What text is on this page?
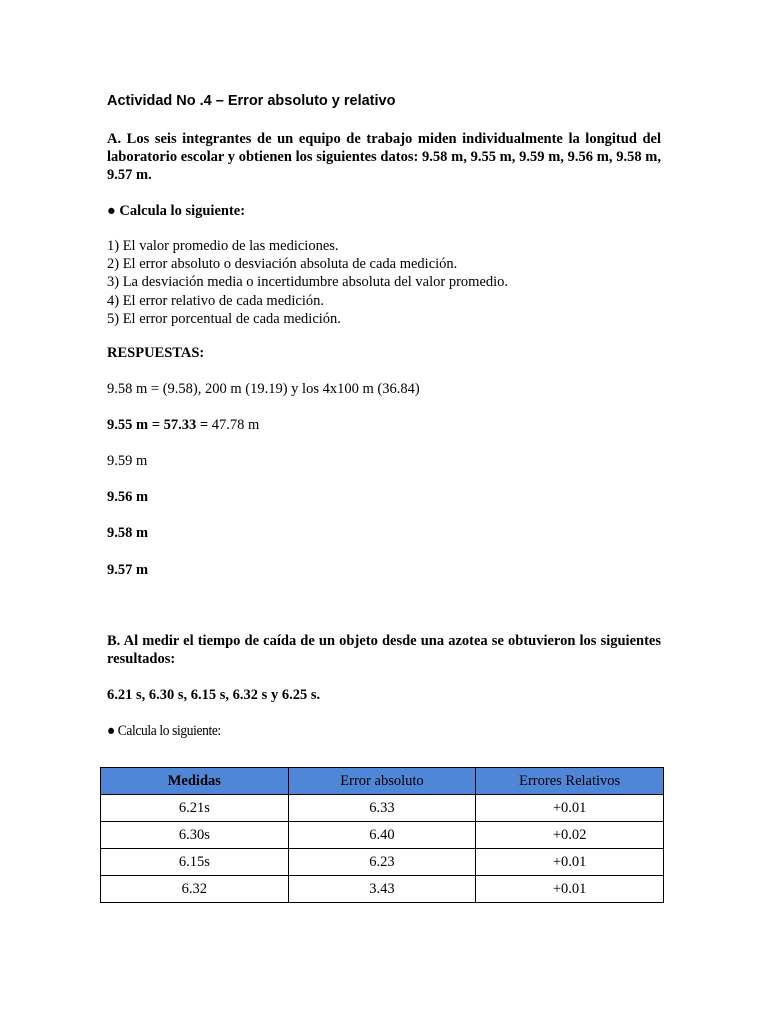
Actividad No .4 – Error absoluto y relativo
A. Los seis integrantes de un equipo de trabajo miden individualmente la longitud del laboratorio escolar y obtienen los siguientes datos: 9.58 m, 9.55 m, 9.59 m, 9.56 m, 9.58 m, 9.57 m.
● Calcula lo siguiente:
1) El valor promedio de las mediciones.
2) El error absoluto o desviación absoluta de cada medición.
3) La desviación media o incertidumbre absoluta del valor promedio.
4) El error relativo de cada medición.
5) El error porcentual de cada medición.
RESPUESTAS:
9.58 m = (9.58), 200 m (19.19) y los 4x100 m (36.84)
9.55 m = 57.33 = 47.78 m
9.59 m
9.56 m
9.58 m
9.57 m
B. Al medir el tiempo de caída de un objeto desde una azotea se obtuvieron los siguientes resultados:
6.21 s, 6.30 s, 6.15 s, 6.32 s y 6.25 s.
● Calcula lo siguiente:
Medidas	Error absoluto	Errores Relativos
6.21s	6.33	+0.01
6.30s	6.40	+0.02
6.15s	6.23	+0.01
6.32	3.43	+0.01
